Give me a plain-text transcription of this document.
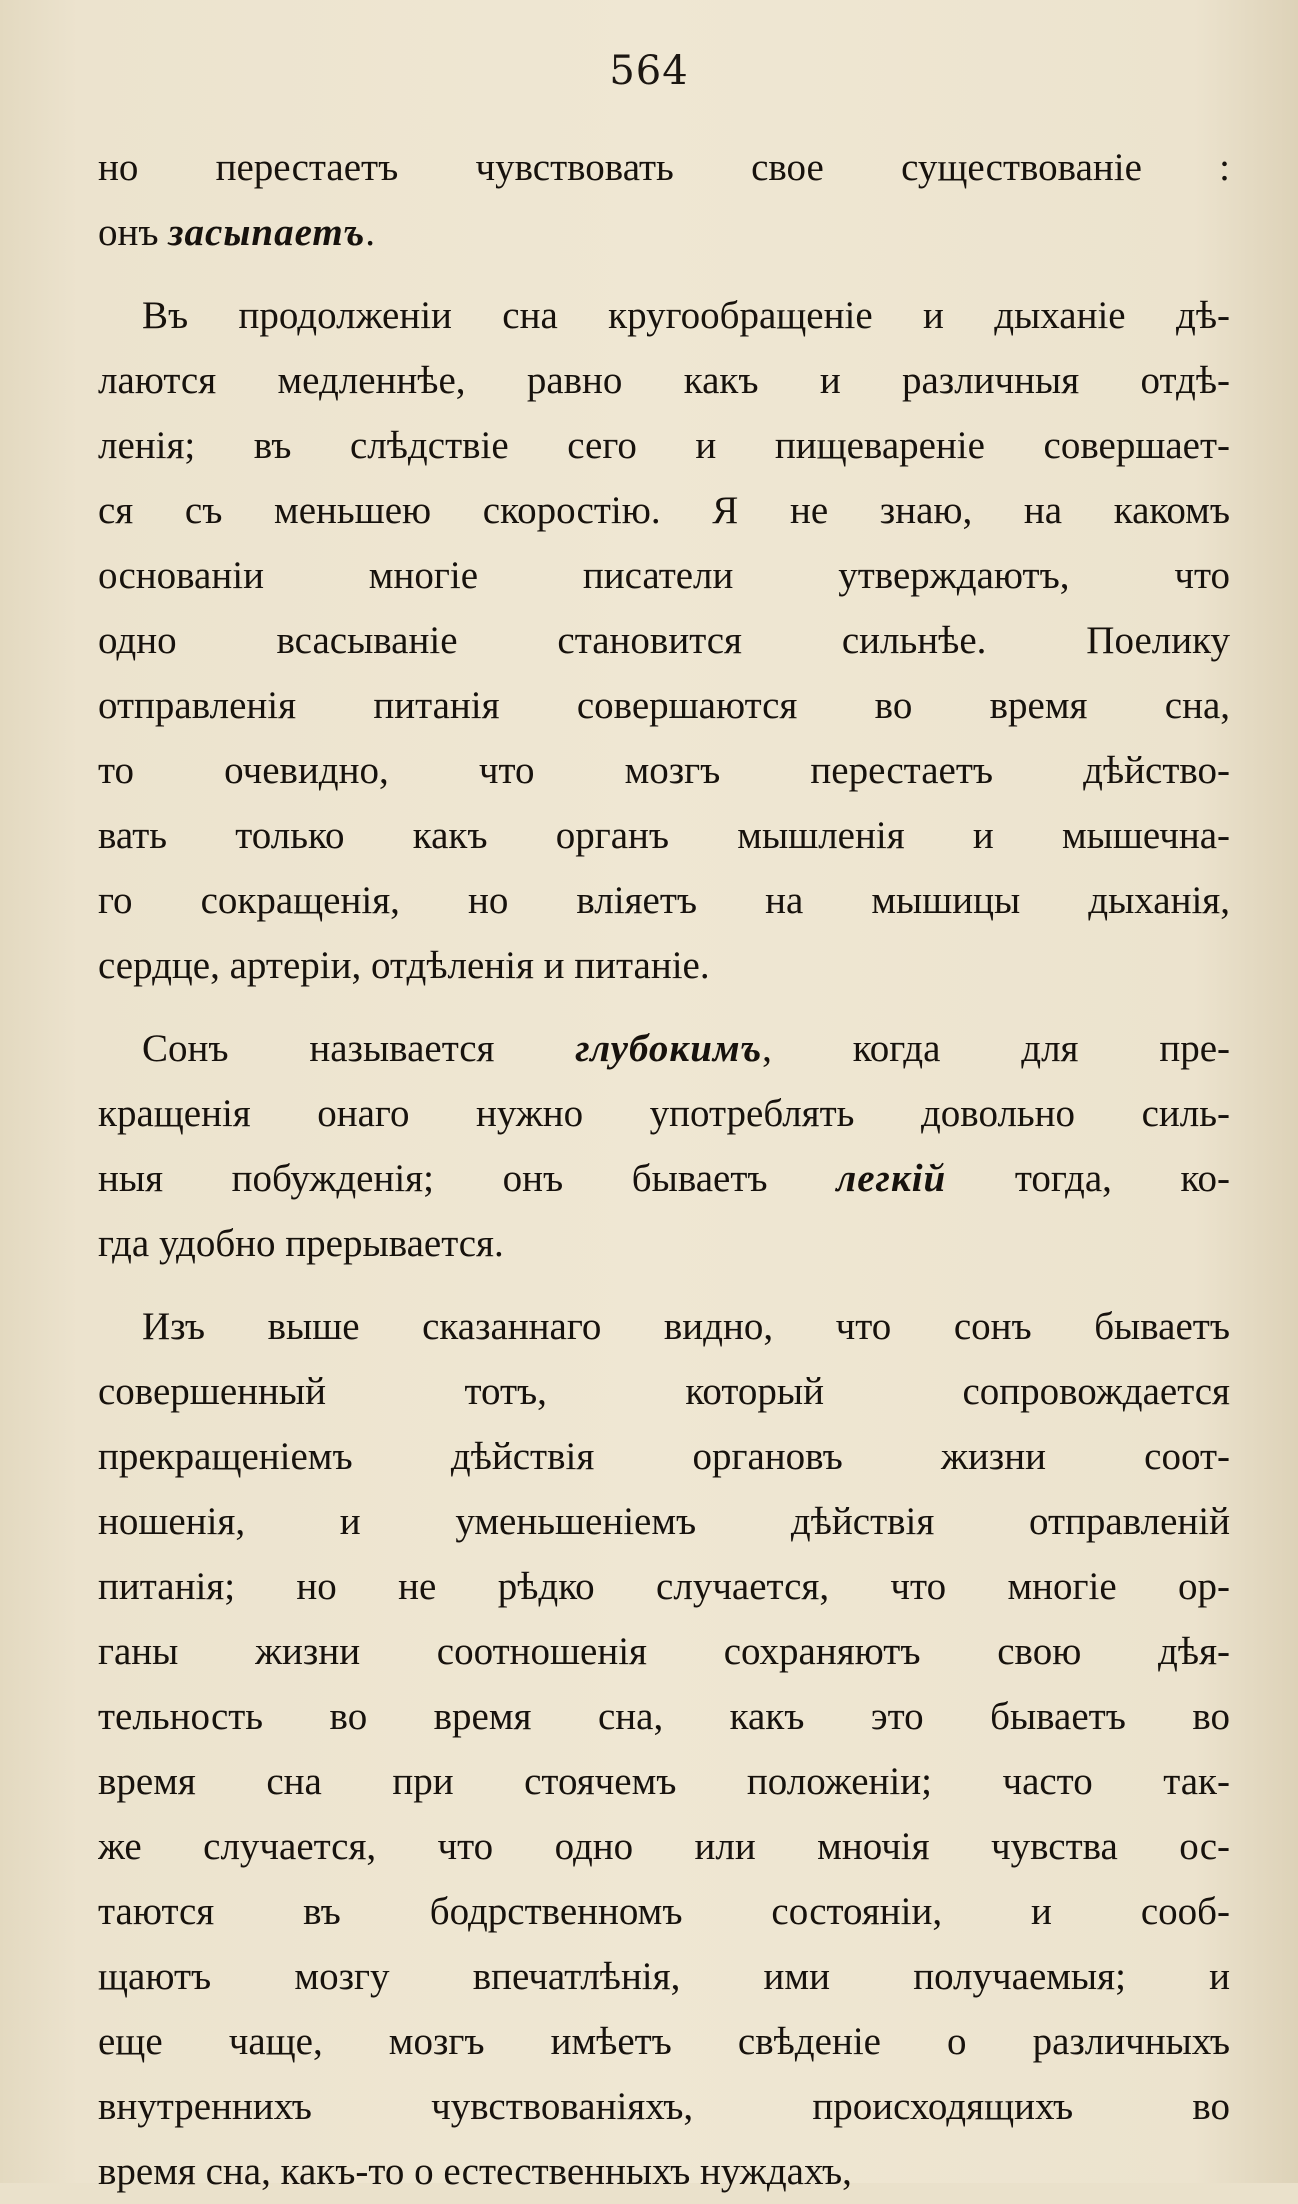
564
но перестаетъ чувствовать свое существованіе :
онъ засыпаетъ.
Въ продолженіи сна кругообращеніе и дыханіе дѣ-
лаются медленнѣе, равно какъ и различныя отдѣ-
ленія; въ слѣдствіе сего и пищевареніе совершает-
ся съ меньшею скоростію. Я не знаю, на какомъ
основаніи многіе писатели утверждаютъ, что
одно всасываніе становится сильнѣе. Поелику
отправленія питанія совершаются во время сна,
то очевидно, что мозгъ перестаетъ дѣйство-
вать только какъ органъ мышленія и мышечна-
го сокращенія, но вліяетъ на мышицы дыханія,
сердце, артеріи, отдѣленія и питаніе.
Сонъ называется глубокимъ, когда для пре-
кращенія онаго нужно употреблять довольно силь-
ныя побужденія; онъ бываетъ легкій тогда, ко-
гда удобно прерывается.
Изъ выше сказаннаго видно, что сонъ бываетъ
совершенный тотъ, который сопровождается
прекращеніемъ дѣйствія органовъ жизни соот-
ношенія, и уменьшеніемъ дѣйствія отправленій
питанія; но не рѣдко случается, что многіе ор-
ганы жизни соотношенія сохраняютъ свою дѣя-
тельность во время сна, какъ это бываетъ во
время сна при стоячемъ положеніи; часто так-
же случается, что одно или мночія чувства ос-
таются въ бодрственномъ состояніи, и сооб-
щаютъ мозгу впечатлѣнія, ими получаемыя; и
еще чаще, мозгъ имѣетъ свѣденіе о различныхъ
внутреннихъ чувствованіяхъ, происходящихъ во
время сна, какъ-то о естественныхъ нуждахъ,
